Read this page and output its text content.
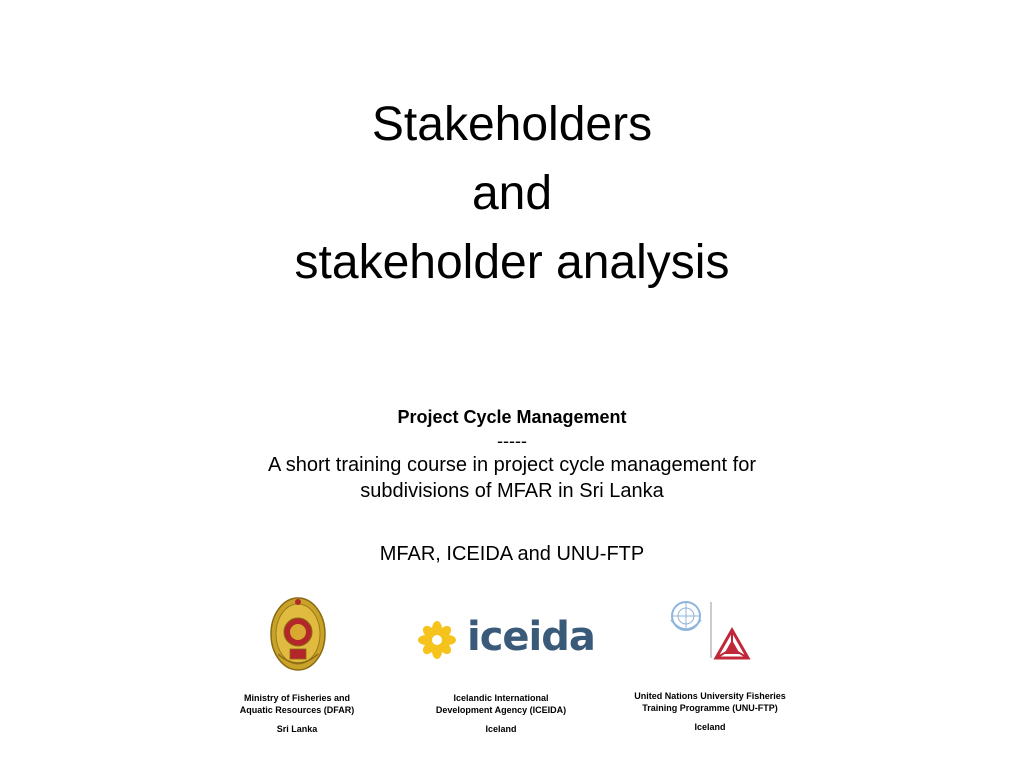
Stakeholders
and
stakeholder analysis
Project Cycle Management
-----
A short training course in project cycle management for
subdivisions of MFAR in Sri Lanka
MFAR, ICEIDA and UNU-FTP
iceida
Ministry of Fisheries and
Aquatic Resources (DFAR)
Sri Lanka
Icelandic International
Development Agency (ICEIDA)
Iceland
United Nations University Fisheries
Training Programme (UNU-FTP)
Iceland
